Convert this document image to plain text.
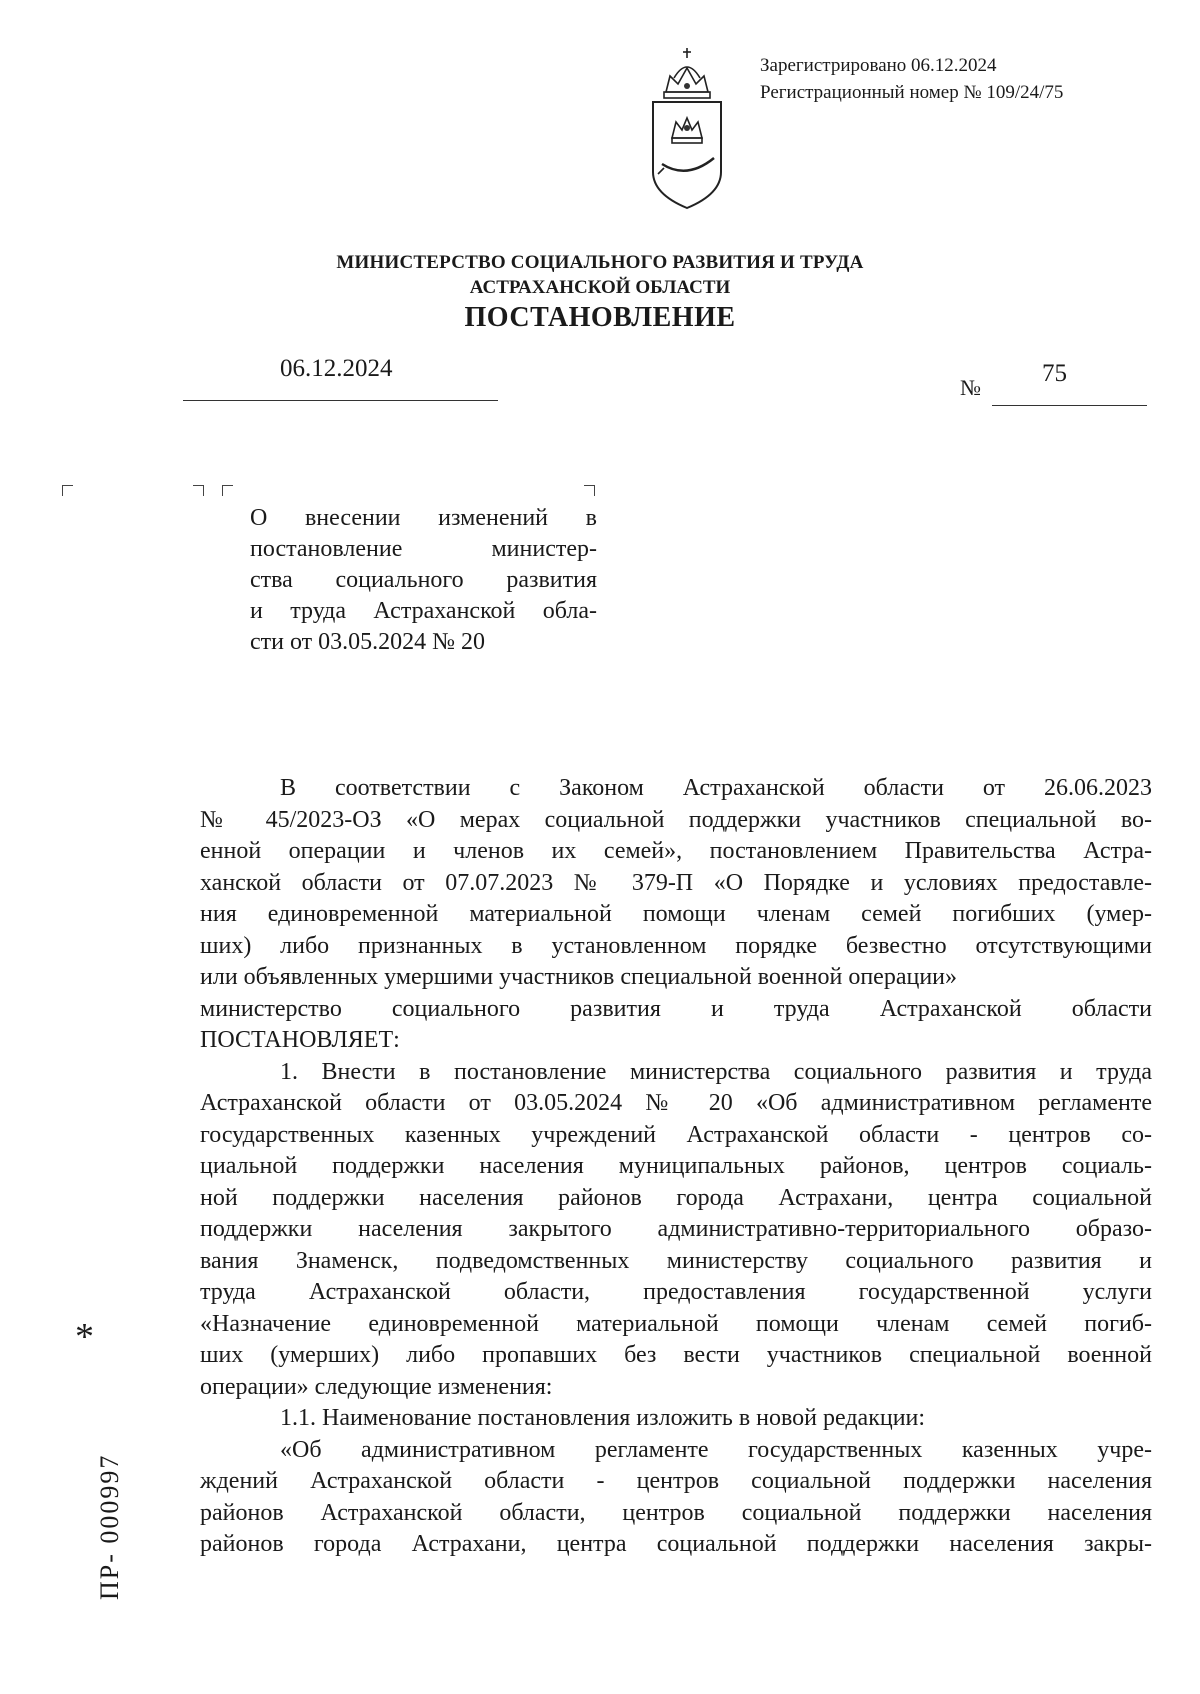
Зарегистрировано 06.12.2024
Регистрационный номер № 109/24/75
МИНИСТЕРСТВО СОЦИАЛЬНОГО РАЗВИТИЯ И ТРУДА
АСТРАХАНСКОЙ ОБЛАСТИ
ПОСТАНОВЛЕНИЕ
06.12.2024
№
75
О внесении изменений в
постановление министер-
ства социального развития
и труда Астраханской обла-
сти от 03.05.2024 № 20
В соответствии с Законом Астраханской области от 26.06.2023
№ 45/2023-ОЗ «О мерах социальной поддержки участников специальной во-
енной операции и членов их семей», постановлением Правительства Астра-
ханской области от 07.07.2023 № 379-П «О Порядке и условиях предоставле-
ния единовременной материальной помощи членам семей погибших (умер-
ших) либо признанных в установленном порядке безвестно отсутствующими
или объявленных умершими участников специальной военной операции»
министерство социального развития и труда Астраханской области
ПОСТАНОВЛЯЕТ:
1. Внести в постановление министерства социального развития и труда
Астраханской области от 03.05.2024 № 20 «Об административном регламенте
государственных казенных учреждений Астраханской области - центров со-
циальной поддержки населения муниципальных районов, центров социаль-
ной поддержки населения районов города Астрахани, центра социальной
поддержки населения закрытого административно-территориального образо-
вания Знаменск, подведомственных министерству социального развития и
труда Астраханской области, предоставления государственной услуги
«Назначение единовременной материальной помощи членам семей погиб-
ших (умерших) либо пропавших без вести участников специальной военной
операции» следующие изменения:
1.1. Наименование постановления изложить в новой редакции:
«Об административном регламенте государственных казенных учре-
ждений Астраханской области - центров социальной поддержки населения
районов Астраханской области, центров социальной поддержки населения
районов города Астрахани, центра социальной поддержки населения закры-
*
ПР- 000997
